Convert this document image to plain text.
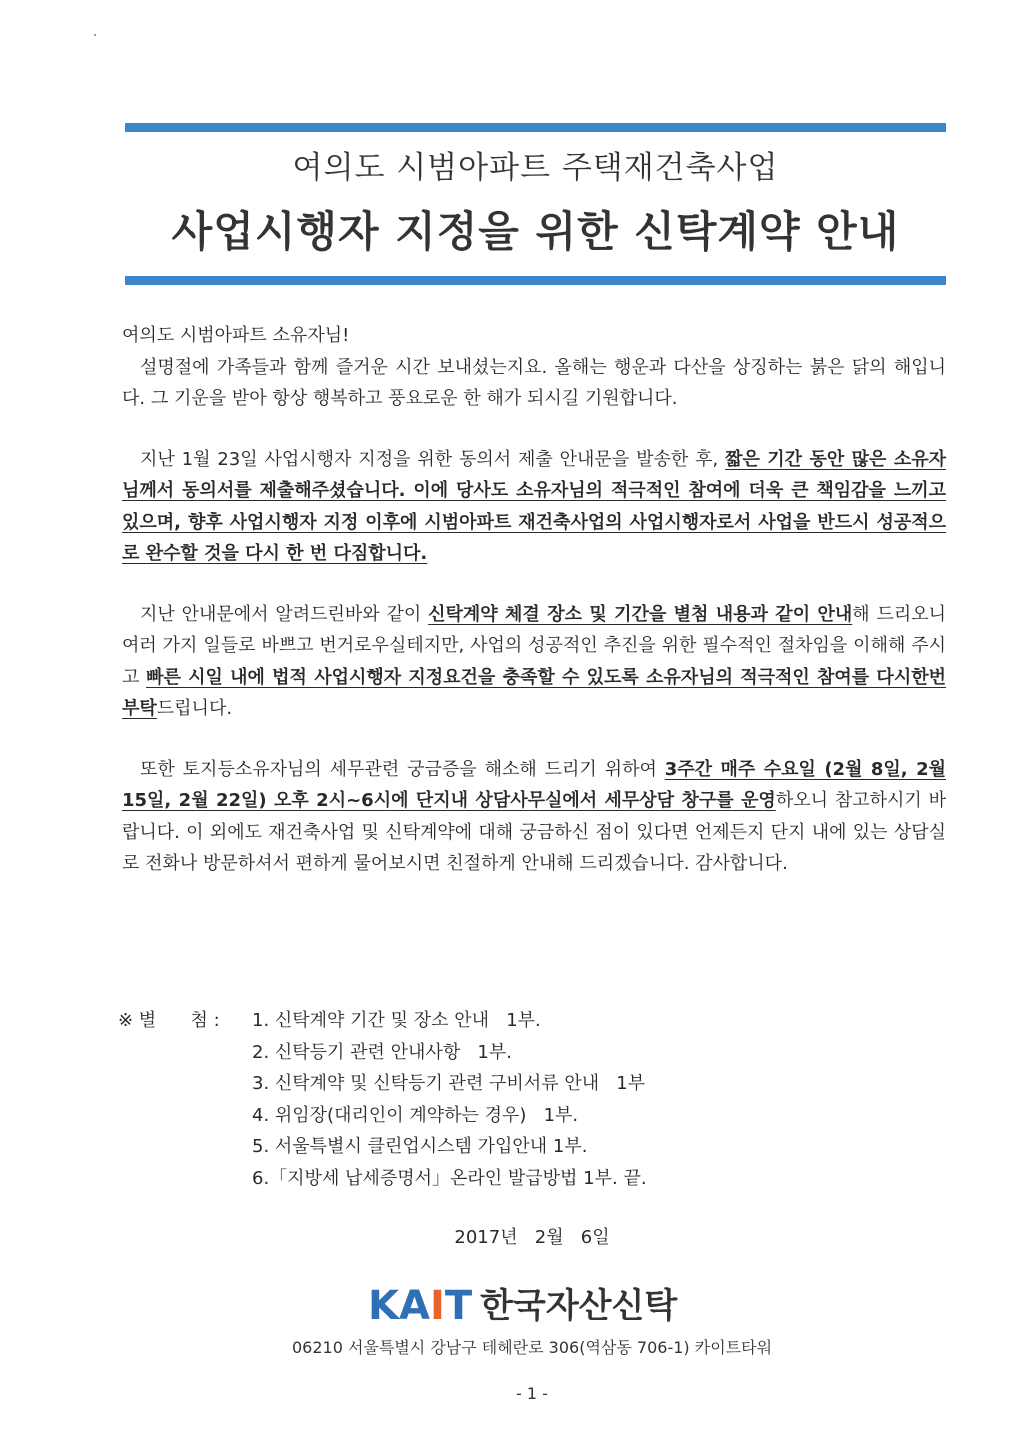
여의도 시범아파트 주택재건축사업
사업시행자 지정을 위한 신탁계약 안내

여의도 시범아파트 소유자님!

설명절에 가족들과 함께 즐거운 시간 보내셨는지요. 올해는 행운과 다산을 상징하는 붉은 닭의 해입니다. 그 기운을 받아 항상 행복하고 풍요로운 한 해가 되시길 기원합니다.

지난 1월 23일 사업시행자 지정을 위한 동의서 제출 안내문을 발송한 후, 짧은 기간 동안 많은 소유자님께서 동의서를 제출해주셨습니다. 이에 당사도 소유자님의 적극적인 참여에 더욱 큰 책임감을 느끼고 있으며, 향후 사업시행자 지정 이후에 시범아파트 재건축사업의 사업시행자로서 사업을 반드시 성공적으로 완수할 것을 다시 한 번 다짐합니다.

지난 안내문에서 알려드린바와 같이 신탁계약 체결 장소 및 기간을 별첨 내용과 같이 안내해 드리오니 여러 가지 일들로 바쁘고 번거로우실테지만, 사업의 성공적인 추진을 위한 필수적인 절차임을 이해해 주시고 빠른 시일 내에 법적 사업시행자 지정요건을 충족할 수 있도록 소유자님의 적극적인 참여를 다시한번 부탁드립니다.

또한 토지등소유자님의 세무관련 궁금증을 해소해 드리기 위하여 3주간 매주 수요일 (2월 8일, 2월 15일, 2월 22일) 오후 2시~6시에 단지내 상담사무실에서 세무상담 창구를 운영하오니 참고하시기 바랍니다. 이 외에도 재건축사업 및 신탁계약에 대해 궁금하신 점이 있다면 언제든지 단지 내에 있는 상담실로 전화나 방문하셔서 편하게 물어보시면 친절하게 안내해 드리겠습니다. 감사합니다.

※ 별      첨 :	1. 신탁계약 기간 및 장소 안내   1부.
2. 신탁등기 관련 안내사항   1부.
3. 신탁계약 및 신탁등기 관련 구비서류 안내   1부
4. 위임장(대리인이 계약하는 경우)   1부.
5. 서울특별시 클린업시스템 가입안내 1부.
6.「지방세 납세증명서」온라인 발급방법 1부. 끝.
2017년   2월   6일
KAIT 한국자산신탁
06210 서울특별시 강남구 테헤란로 306(역삼동 706-1) 카이트타워
- 1 -
